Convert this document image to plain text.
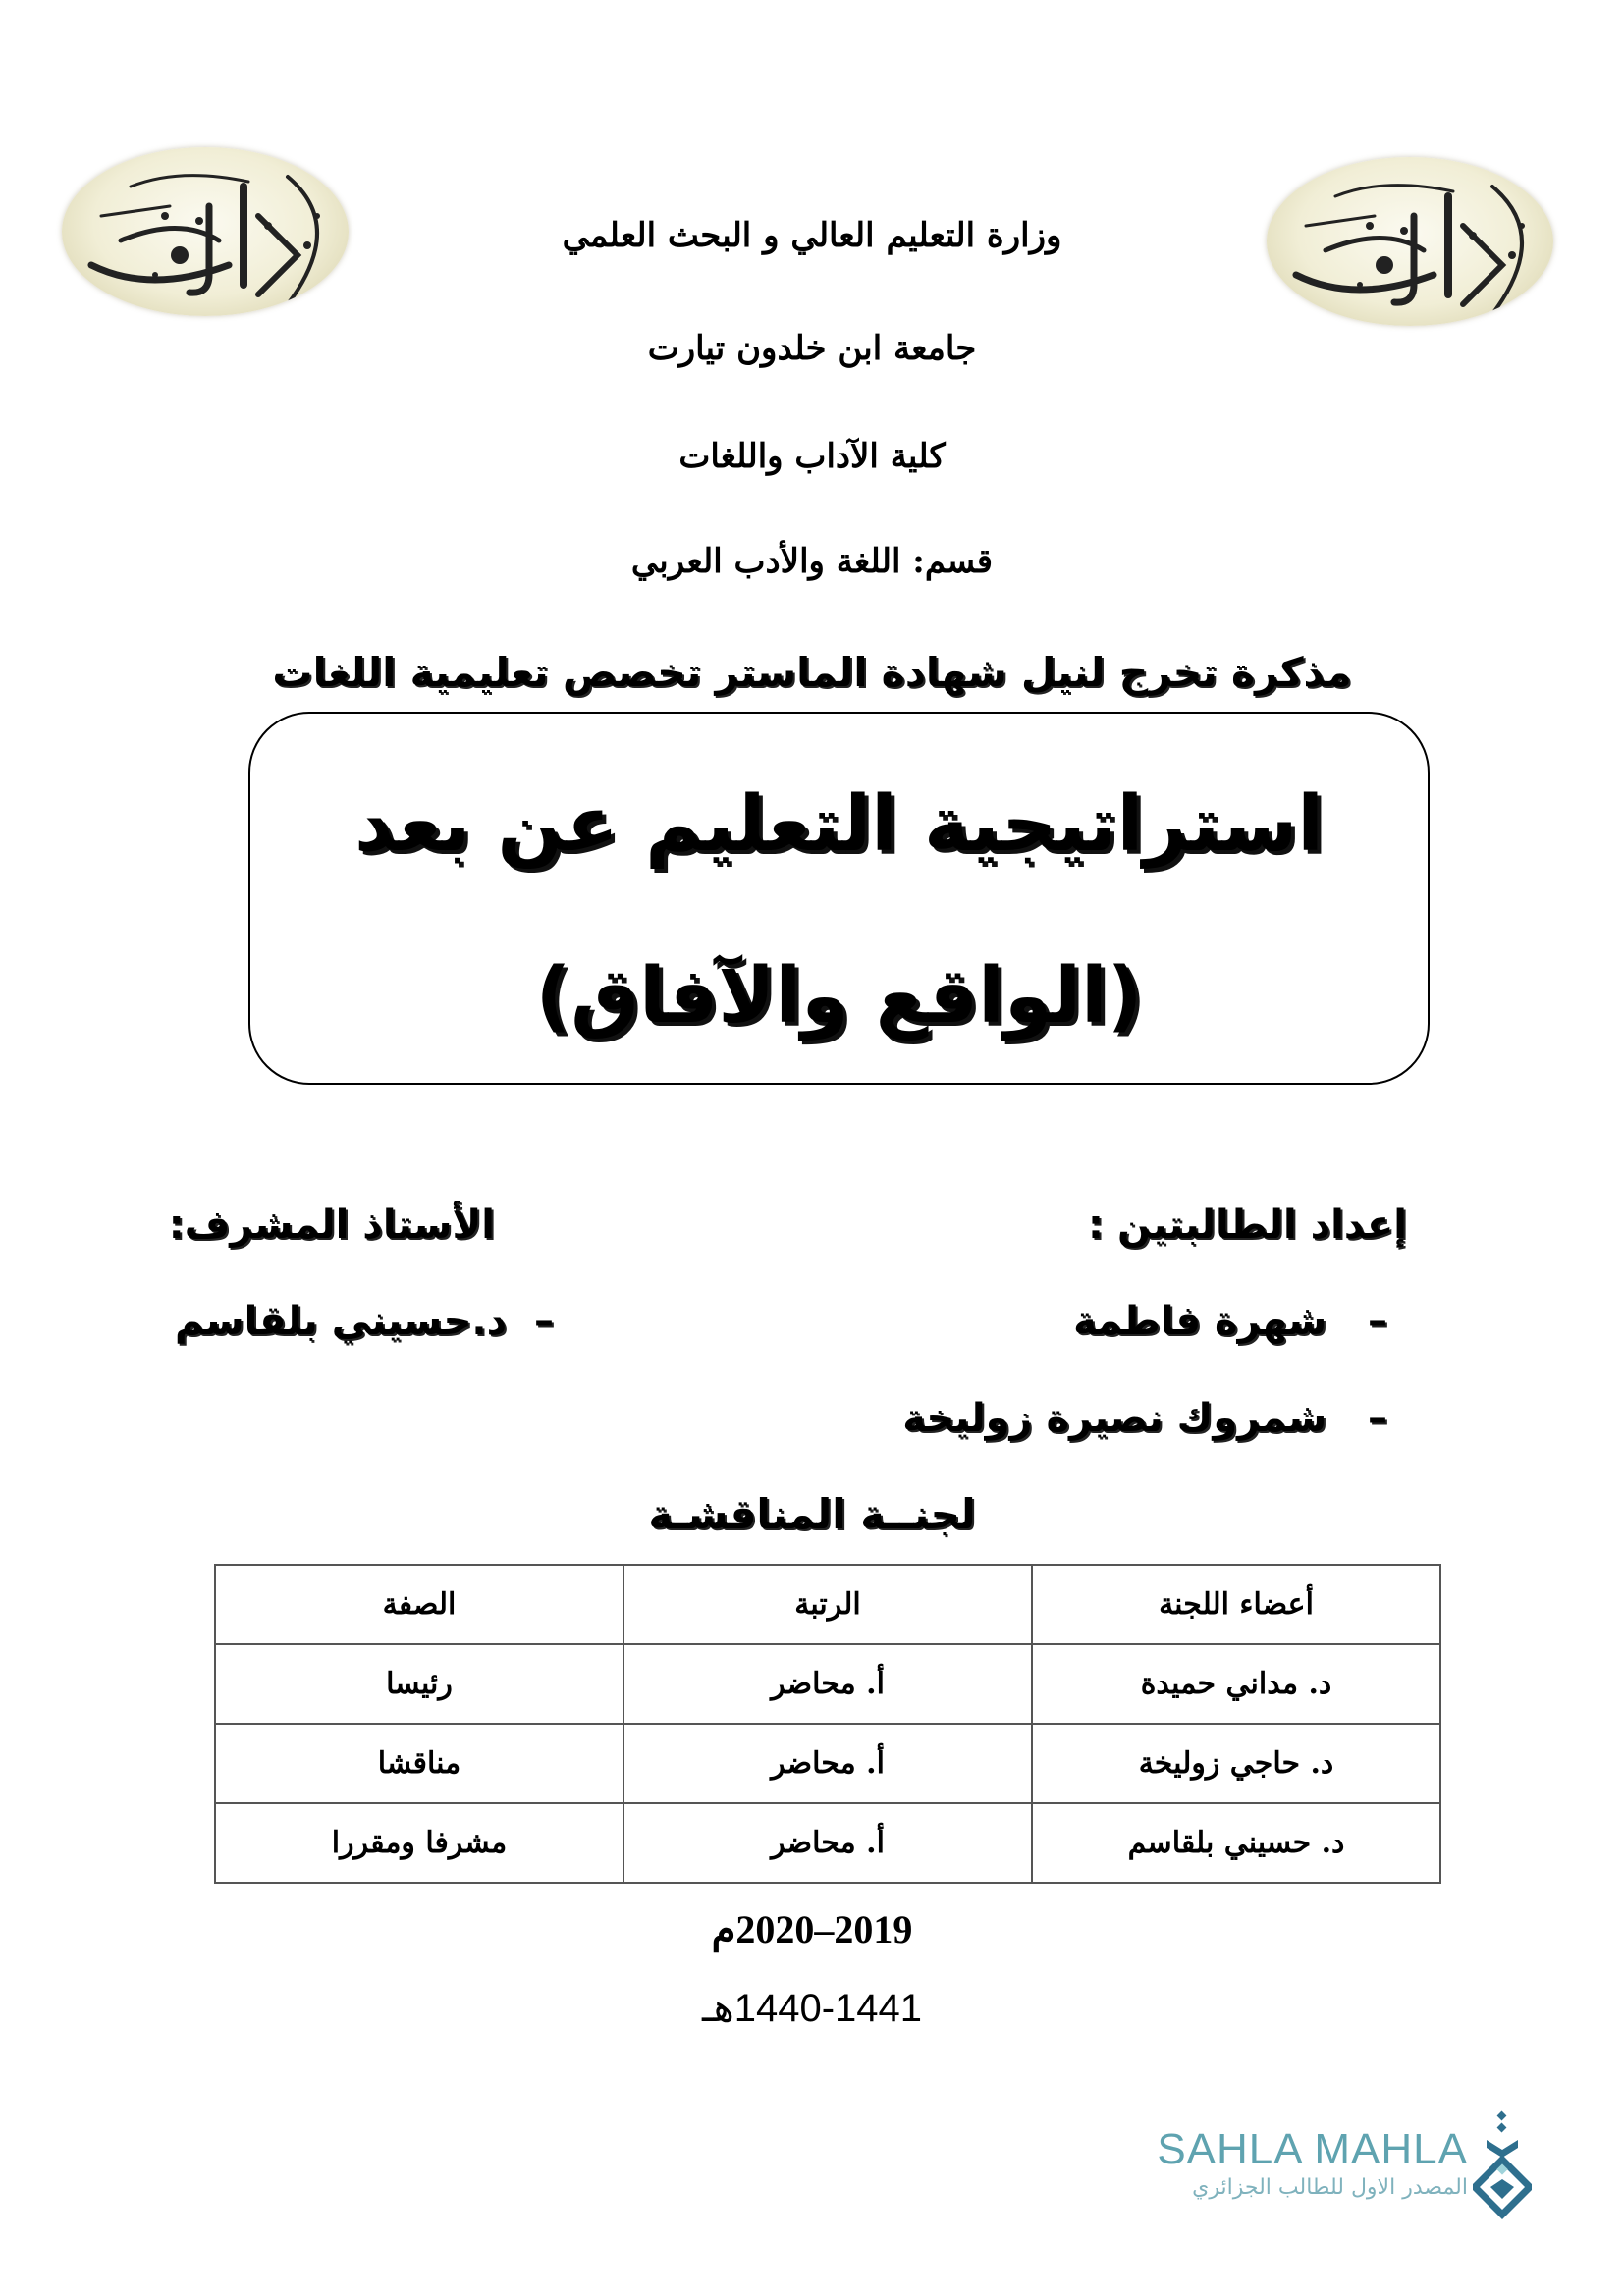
وزارة التعليم العالي و البحث العلمي
جامعة ابن خلدون تيارت
كلية الآداب واللغات
قسم: اللغة والأدب العربي
مذكرة تخرج لنيل شهادة الماستر تخصص تعليمية اللغات
استراتيجية التعليم عن بعد
(الواقع والآفاق)
إعداد الطالبتين :
–   شهرة فاطمة
–   شمروك نصيرة زوليخة
الأستاذ المشرف:
–  د.حسيني بلقاسم
لجنــة المناقشـة
أعضاء اللجنة	الرتبة	الصفة
د. مداني حميدة	أ. محاضر	رئيسا
د. حاجي زوليخة	أ. محاضر	مناقشا
د. حسيني بلقاسم	أ. محاضر	مشرفا ومقررا
2019–2020م
1440-1441هـ
SAHLA MAHLA
المصدر الاول للطالب الجزائري
